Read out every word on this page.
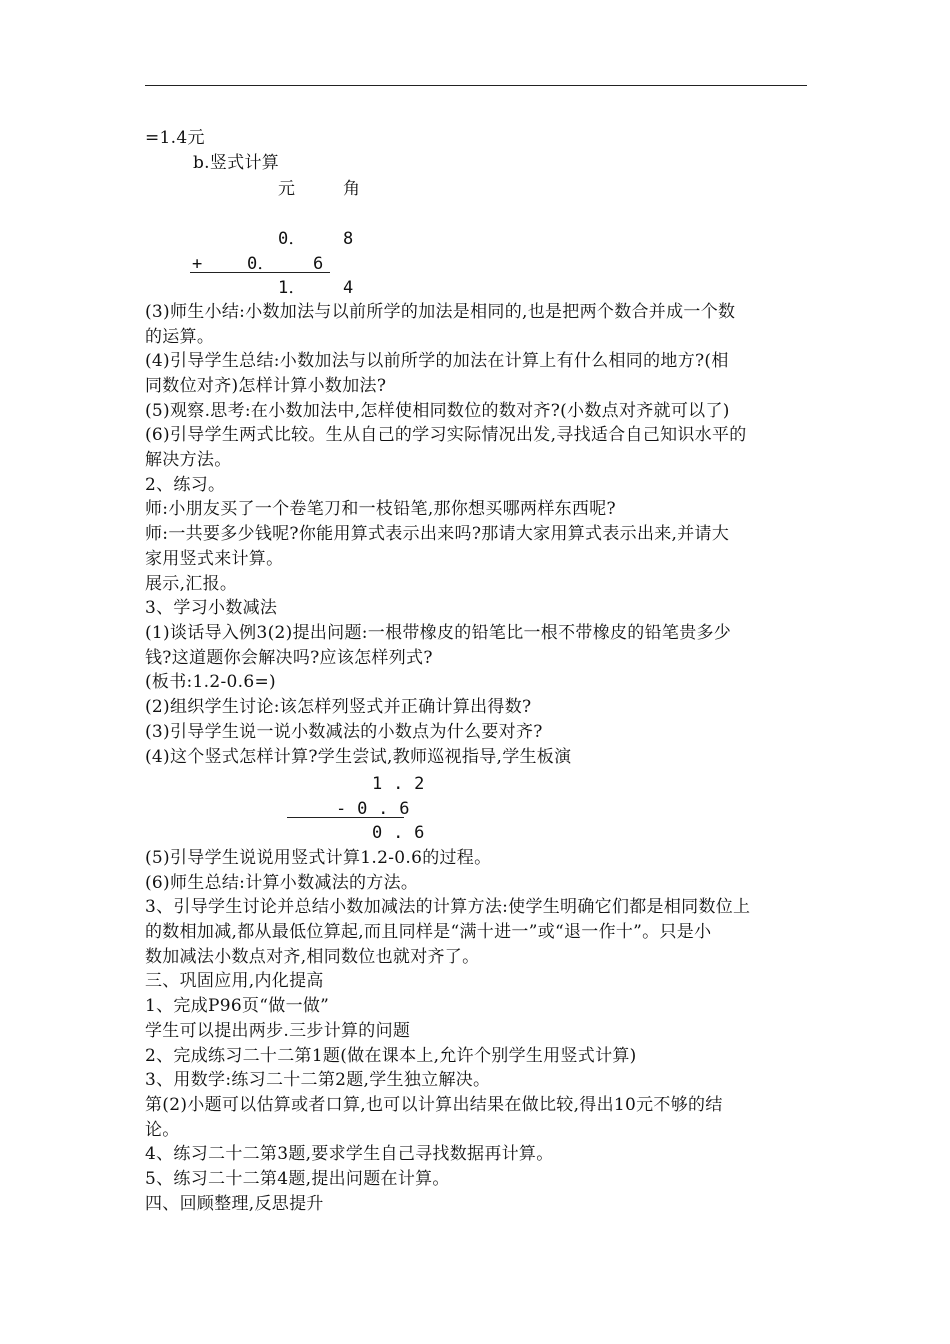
=1.4元
b.竖式计算
元	角
0． 8
+	0． 6
1． 4
(3)师生小结:小数加法与以前所学的加法是相同的,也是把两个数合并成一个数
的运算。
(4)引导学生总结:小数加法与以前所学的加法在计算上有什么相同的地方?(相
同数位对齐)怎样计算小数加法?
(5)观察.思考:在小数加法中,怎样使相同数位的数对齐?(小数点对齐就可以了)
(6)引导学生两式比较。生从自己的学习实际情况出发,寻找适合自己知识水平的
解决方法。
2、练习。
师:小朋友买了一个卷笔刀和一枝铅笔,那你想买哪两样东西呢?
师:一共要多少钱呢?你能用算式表示出来吗?那请大家用算式表示出来,并请大
家用竖式来计算。
展示,汇报。
3、学习小数减法
(1)谈话导入例3(2)提出问题:一根带橡皮的铅笔比一根不带橡皮的铅笔贵多少
钱?这道题你会解决吗?应该怎样列式?
(板书:1.2-0.6=)
(2)组织学生讨论:该怎样列竖式并正确计算出得数?
(3)引导学生说一说小数减法的小数点为什么要对齐?
(4)这个竖式怎样计算?学生尝试,教师巡视指导,学生板演
1 . 2
- 0 . 6
0 . 6
(5)引导学生说说用竖式计算1.2-0.6的过程。
(6)师生总结:计算小数减法的方法。
3、引导学生讨论并总结小数加减法的计算方法:使学生明确它们都是相同数位上
的数相加减,都从最低位算起,而且同样是“满十进一”或“退一作十”。只是小
数加减法小数点对齐,相同数位也就对齐了。
三、巩固应用,内化提高
1、完成P96页“做一做”
学生可以提出两步.三步计算的问题
2、完成练习二十二第1题(做在课本上,允许个别学生用竖式计算)
3、用数学:练习二十二第2题,学生独立解决。
第(2)小题可以估算或者口算,也可以计算出结果在做比较,得出10元不够的结
论。
4、练习二十二第3题,要求学生自己寻找数据再计算。
5、练习二十二第4题,提出问题在计算。
四、回顾整理,反思提升
